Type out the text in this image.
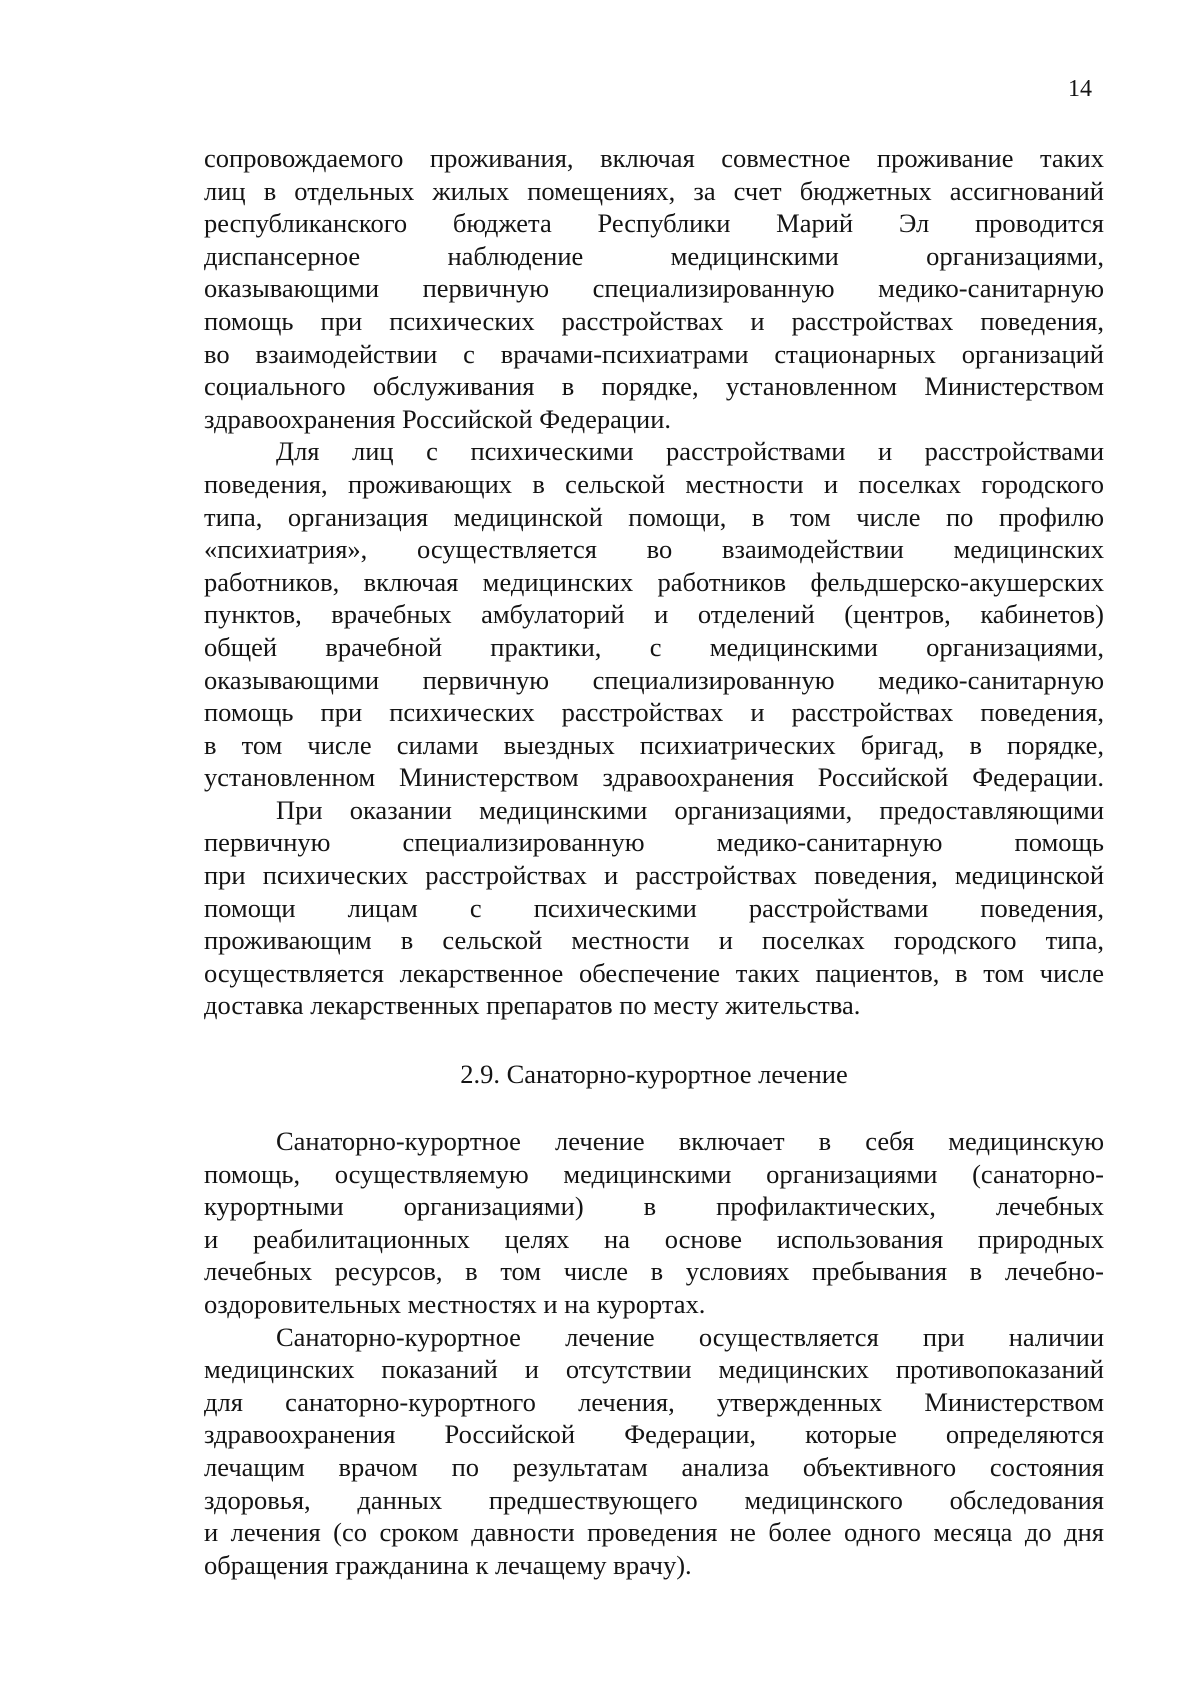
14
сопровождаемого проживания, включая совместное проживание таких
лиц в отдельных жилых помещениях, за счет бюджетных ассигнований
республиканского бюджета Республики Марий Эл проводится
диспансерное наблюдение медицинскими организациями,
оказывающими первичную специализированную медико-санитарную
помощь при психических расстройствах и расстройствах поведения,
во взаимодействии с врачами-психиатрами стационарных организаций
социального обслуживания в порядке, установленном Министерством
здравоохранения Российской Федерации.
Для лиц с психическими расстройствами и расстройствами
поведения, проживающих в сельской местности и поселках городского
типа, организация медицинской помощи, в том числе по профилю
«психиатрия», осуществляется во взаимодействии медицинских
работников, включая медицинских работников фельдшерско-акушерских
пунктов, врачебных амбулаторий и отделений (центров, кабинетов)
общей врачебной практики, с медицинскими организациями,
оказывающими первичную специализированную медико-санитарную
помощь при психических расстройствах и расстройствах поведения,
в том числе силами выездных психиатрических бригад, в порядке,
установленном Министерством здравоохранения Российской Федерации.
При оказании медицинскими организациями, предоставляющими
первичную специализированную медико-санитарную помощь
при психических расстройствах и расстройствах поведения, медицинской
помощи лицам с психическими расстройствами поведения,
проживающим в сельской местности и поселках городского типа,
осуществляется лекарственное обеспечение таких пациентов, в том числе
доставка лекарственных препаратов по месту жительства.
2.9. Санаторно-курортное лечение
Санаторно-курортное лечение включает в себя медицинскую
помощь, осуществляемую медицинскими организациями (санаторно-
курортными организациями) в профилактических, лечебных
и реабилитационных целях на основе использования природных
лечебных ресурсов, в том числе в условиях пребывания в лечебно-
оздоровительных местностях и на курортах.
Санаторно-курортное лечение осуществляется при наличии
медицинских показаний и отсутствии медицинских противопоказаний
для санаторно-курортного лечения, утвержденных Министерством
здравоохранения Российской Федерации, которые определяются
лечащим врачом по результатам анализа объективного состояния
здоровья, данных предшествующего медицинского обследования
и лечения (со сроком давности проведения не более одного месяца до дня
обращения гражданина к лечащему врачу).
